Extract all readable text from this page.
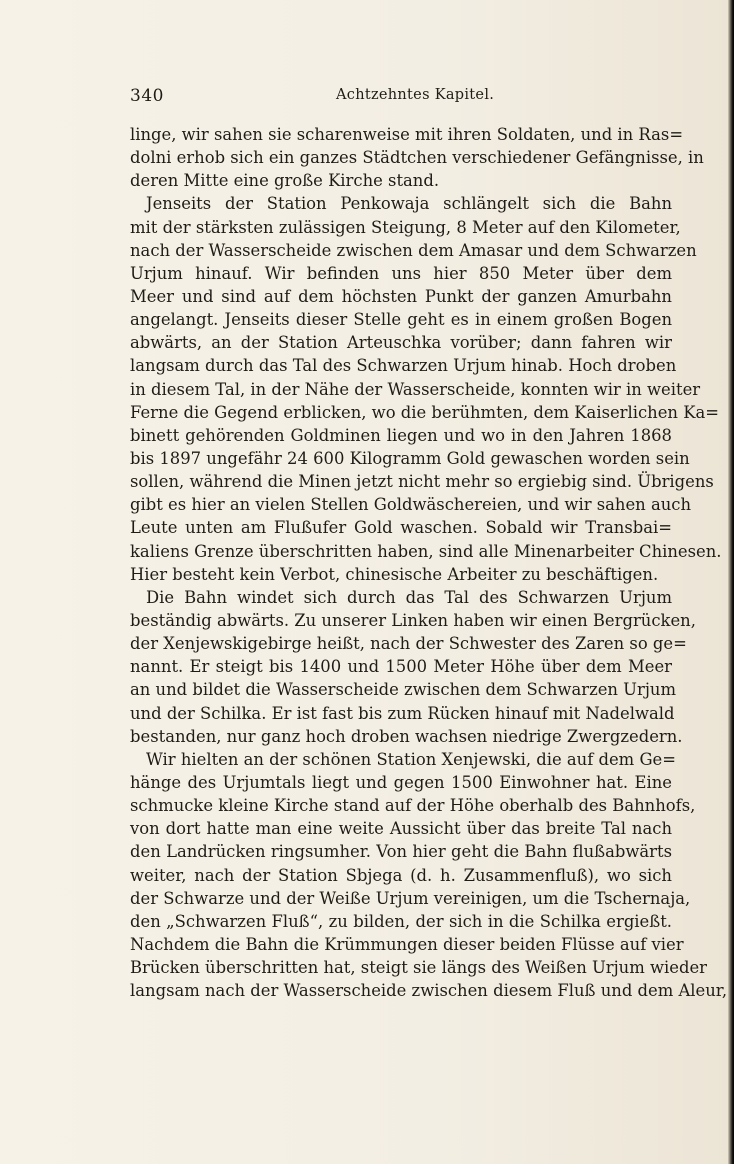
340	Achtzehntes Kapitel.
linge, wir sahen sie scharenweise mit ihren Soldaten, und in Ras=
dolni erhob sich ein ganzes Städtchen verschiedener Gefängnisse, in
deren Mitte eine große Kirche stand.
Jenseits der Station Penkowaja schlängelt sich die Bahn
mit der stärksten zulässigen Steigung, 8 Meter auf den Kilometer,
nach der Wasserscheide zwischen dem Amasar und dem Schwarzen
Urjum hinauf. Wir befinden uns hier 850 Meter über dem
Meer und sind auf dem höchsten Punkt der ganzen Amurbahn
angelangt. Jenseits dieser Stelle geht es in einem großen Bogen
abwärts, an der Station Arteuschka vorüber; dann fahren wir
langsam durch das Tal des Schwarzen Urjum hinab. Hoch droben
in diesem Tal, in der Nähe der Wasserscheide, konnten wir in weiter
Ferne die Gegend erblicken, wo die berühmten, dem Kaiserlichen Ka=
binett gehörenden Goldminen liegen und wo in den Jahren 1868
bis 1897 ungefähr 24 600 Kilogramm Gold gewaschen worden sein
sollen, während die Minen jetzt nicht mehr so ergiebig sind. Übrigens
gibt es hier an vielen Stellen Goldwäschereien, und wir sahen auch
Leute unten am Flußufer Gold waschen. Sobald wir Transbai=
kaliens Grenze überschritten haben, sind alle Minenarbeiter Chinesen.
Hier besteht kein Verbot, chinesische Arbeiter zu beschäftigen.
Die Bahn windet sich durch das Tal des Schwarzen Urjum
beständig abwärts. Zu unserer Linken haben wir einen Bergrücken,
der Xenjewskigebirge heißt, nach der Schwester des Zaren so ge=
nannt. Er steigt bis 1400 und 1500 Meter Höhe über dem Meer
an und bildet die Wasserscheide zwischen dem Schwarzen Urjum
und der Schilka. Er ist fast bis zum Rücken hinauf mit Nadelwald
bestanden, nur ganz hoch droben wachsen niedrige Zwergzedern.
Wir hielten an der schönen Station Xenjewski, die auf dem Ge=
hänge des Urjumtals liegt und gegen 1500 Einwohner hat. Eine
schmucke kleine Kirche stand auf der Höhe oberhalb des Bahnhofs,
von dort hatte man eine weite Aussicht über das breite Tal nach
den Landrücken ringsumher. Von hier geht die Bahn flußabwärts
weiter, nach der Station Sbjega (d. h. Zusammenfluß), wo sich
der Schwarze und der Weiße Urjum vereinigen, um die Tschernaja,
den „Schwarzen Fluß“, zu bilden, der sich in die Schilka ergießt.
Nachdem die Bahn die Krümmungen dieser beiden Flüsse auf vier
Brücken überschritten hat, steigt sie längs des Weißen Urjum wieder
langsam nach der Wasserscheide zwischen diesem Fluß und dem Aleur,
